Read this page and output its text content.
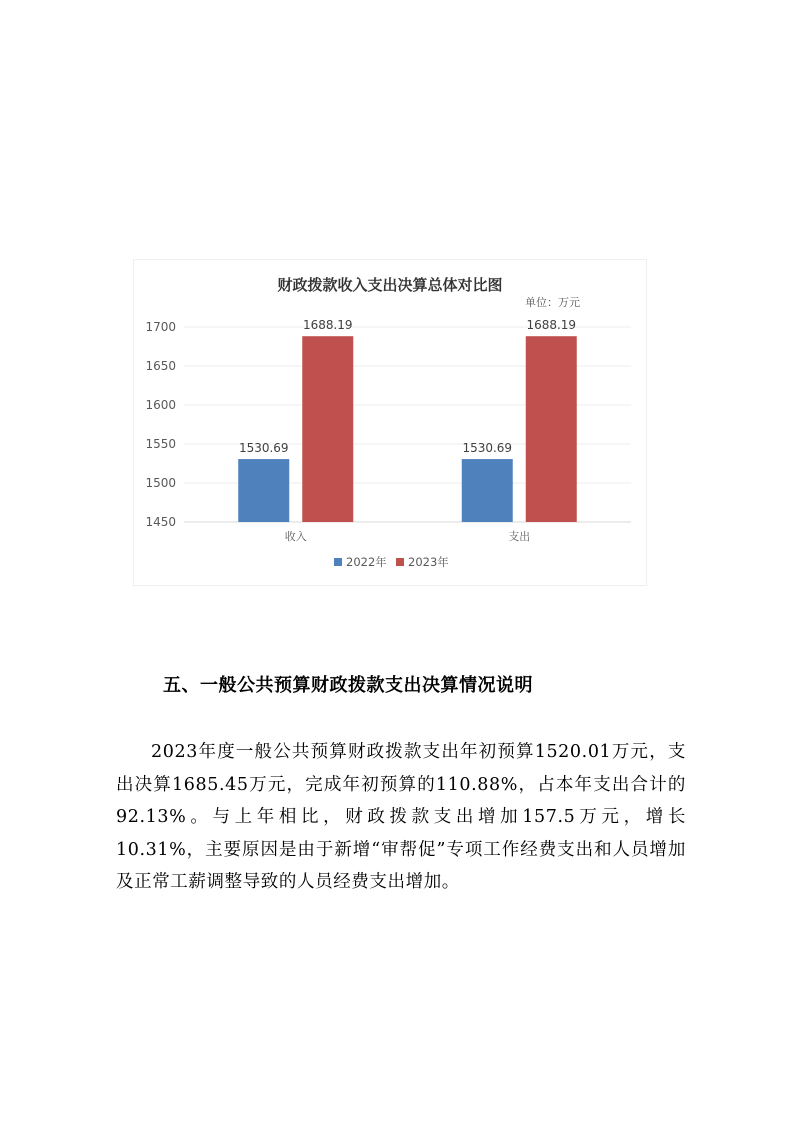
财政拨款收入支出决算总体对比图
单位：万元
1450
1500
1550
1600
1650
1700
1530.69
1688.19
收入
1530.69
1688.19
支出
2022年 2023年
五、一般公共预算财政拨款支出决算情况说明
2023年度一般公共预算财政拨款支出年初预算1520.01万元，支出决算1685.45万元，完成年初预算的110.88%，占本年支出合计的92.13%。与上年相比，财政拨款支出增加157.5万元，增长10.31%，主要原因是由于新增“审帮促”专项工作经费支出和人员增加及正常工薪调整导致的人员经费支出增加。
